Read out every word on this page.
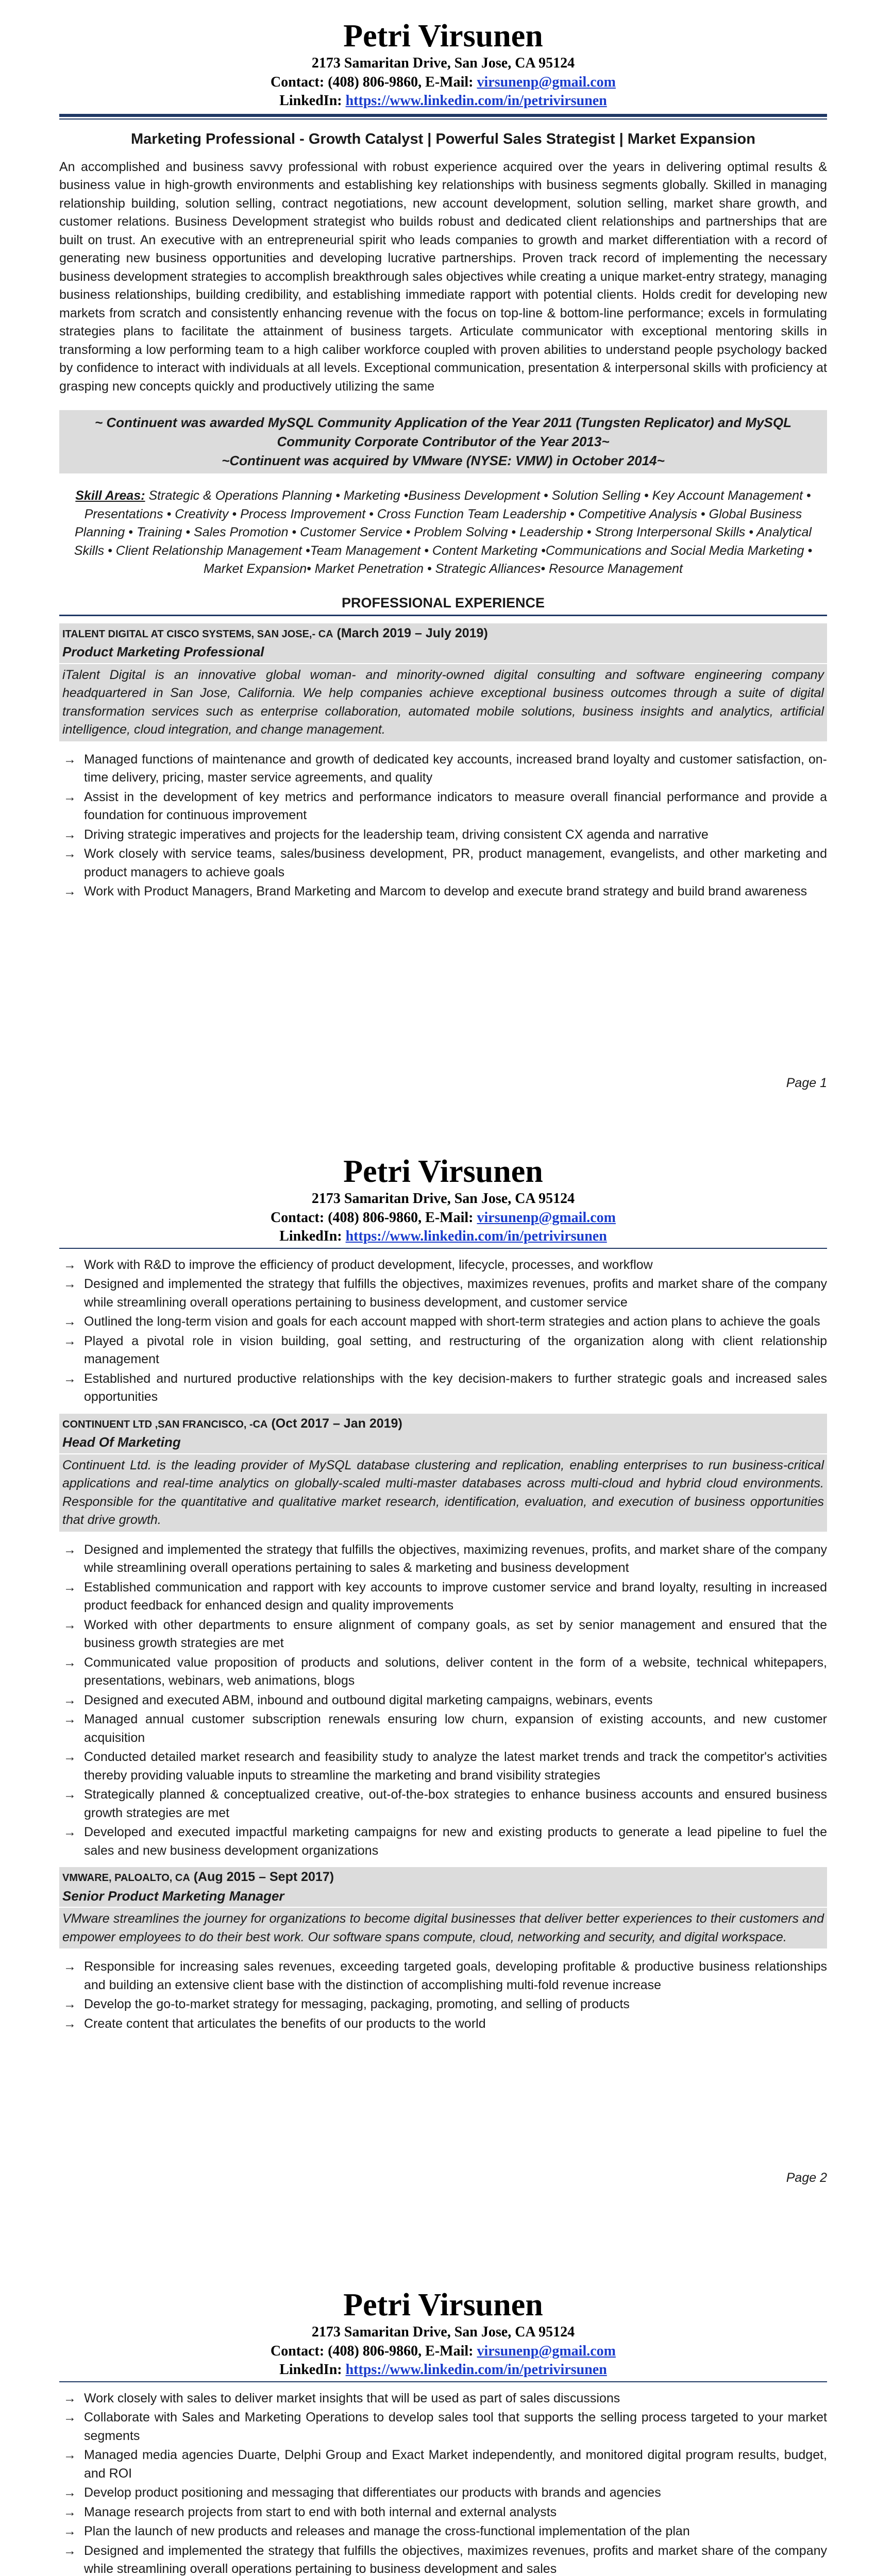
Petri Virsunen
2173 Samaritan Drive, San Jose, CA 95124
Contact: (408) 806-9860, E-Mail: virsunenp@gmail.com
LinkedIn: https://www.linkedin.com/in/petrivirsunen
Marketing Professional - Growth Catalyst | Powerful Sales Strategist | Market Expansion
An accomplished and business savvy professional with robust experience acquired over the years in delivering optimal results & business value in high-growth environments and establishing key relationships with business segments globally. Skilled in managing relationship building, solution selling, contract negotiations, new account development, solution selling, market share growth, and customer relations. Business Development strategist who builds robust and dedicated client relationships and partnerships that are built on trust. An executive with an entrepreneurial spirit who leads companies to growth and market differentiation with a record of generating new business opportunities and developing lucrative partnerships. Proven track record of implementing the necessary business development strategies to accomplish breakthrough sales objectives while creating a unique market-entry strategy, managing business relationships, building credibility, and establishing immediate rapport with potential clients. Holds credit for developing new markets from scratch and consistently enhancing revenue with the focus on top-line & bottom-line performance; excels in formulating strategies plans to facilitate the attainment of business targets. Articulate communicator with exceptional mentoring skills in transforming a low performing team to a high caliber workforce coupled with proven abilities to understand people psychology backed by confidence to interact with individuals at all levels. Exceptional communication, presentation & interpersonal skills with proficiency at grasping new concepts quickly and productively utilizing the same
~ Continuent was awarded MySQL Community Application of the Year 2011 (Tungsten Replicator) and MySQL Community Corporate Contributor of the Year 2013~
~Continuent was acquired by VMware (NYSE: VMW) in October 2014~
Skill Areas: Strategic & Operations Planning • Marketing •Business Development • Solution Selling • Key Account Management • Presentations • Creativity • Process Improvement • Cross Function Team Leadership • Competitive Analysis • Global Business Planning • Training • Sales Promotion • Customer Service • Problem Solving • Leadership • Strong Interpersonal Skills • Analytical Skills • Client Relationship Management •Team Management • Content Marketing •Communications and Social Media Marketing • Market Expansion• Market Penetration • Strategic Alliances• Resource Management
PROFESSIONAL EXPERIENCE
ITALENT DIGITAL AT CISCO SYSTEMS, SAN JOSE,- CA (March 2019 – July 2019)
Product Marketing Professional
iTalent Digital is an innovative global woman- and minority-owned digital consulting and software engineering company headquartered in San Jose, California. We help companies achieve exceptional business outcomes through a suite of digital transformation services such as enterprise collaboration, automated mobile solutions, business insights and analytics, artificial intelligence, cloud integration, and change management.
→ Managed functions of maintenance and growth of dedicated key accounts, increased brand loyalty and customer satisfaction, on-time delivery, pricing, master service agreements, and quality
→ Assist in the development of key metrics and performance indicators to measure overall financial performance and provide a foundation for continuous improvement
→ Driving strategic imperatives and projects for the leadership team, driving consistent CX agenda and narrative
→ Work closely with service teams, sales/business development, PR, product management, evangelists, and other marketing and product managers to achieve goals
→ Work with Product Managers, Brand Marketing and Marcom to develop and execute brand strategy and build brand awareness
Page 1
Petri Virsunen
2173 Samaritan Drive, San Jose, CA 95124
Contact: (408) 806-9860, E-Mail: virsunenp@gmail.com
LinkedIn: https://www.linkedin.com/in/petrivirsunen
→ Work with R&D to improve the efficiency of product development, lifecycle, processes, and workflow
→ Designed and implemented the strategy that fulfills the objectives, maximizes revenues, profits and market share of the company while streamlining overall operations pertaining to business development, and customer service
→ Outlined the long-term vision and goals for each account mapped with short-term strategies and action plans to achieve the goals
→ Played a pivotal role in vision building, goal setting, and restructuring of the organization along with client relationship management
→ Established and nurtured productive relationships with the key decision-makers to further strategic goals and increased sales opportunities
CONTINUENT LTD ,SAN FRANCISCO, -CA (Oct 2017 – Jan 2019)
Head Of Marketing
Continuent Ltd. is the leading provider of MySQL database clustering and replication, enabling enterprises to run business-critical applications and real-time analytics on globally-scaled multi-master databases across multi-cloud and hybrid cloud environments. Responsible for the quantitative and qualitative market research, identification, evaluation, and execution of business opportunities that drive growth.
→ Designed and implemented the strategy that fulfills the objectives, maximizing revenues, profits, and market share of the company while streamlining overall operations pertaining to sales & marketing and business development
→ Established communication and rapport with key accounts to improve customer service and brand loyalty, resulting in increased product feedback for enhanced design and quality improvements
→ Worked with other departments to ensure alignment of company goals, as set by senior management and ensured that the business growth strategies are met
→ Communicated value proposition of products and solutions, deliver content in the form of a website, technical whitepapers, presentations, webinars, web animations, blogs
→ Designed and executed ABM, inbound and outbound digital marketing campaigns, webinars, events
→ Managed annual customer subscription renewals ensuring low churn, expansion of existing accounts, and new customer acquisition
→ Conducted detailed market research and feasibility study to analyze the latest market trends and track the competitor's activities thereby providing valuable inputs to streamline the marketing and brand visibility strategies
→ Strategically planned & conceptualized creative, out-of-the-box strategies to enhance business accounts and ensured business growth strategies are met
→ Developed and executed impactful marketing campaigns for new and existing products to generate a lead pipeline to fuel the sales and new business development organizations
VMWARE, PALOALTO, CA (Aug 2015 – Sept 2017)
Senior Product Marketing Manager
VMware streamlines the journey for organizations to become digital businesses that deliver better experiences to their customers and empower employees to do their best work. Our software spans compute, cloud, networking and security, and digital workspace.
→ Responsible for increasing sales revenues, exceeding targeted goals, developing profitable & productive business relationships and building an extensive client base with the distinction of accomplishing multi-fold revenue increase
→ Develop the go-to-market strategy for messaging, packaging, promoting, and selling of products
→ Create content that articulates the benefits of our products to the world
Page 2
Petri Virsunen
2173 Samaritan Drive, San Jose, CA 95124
Contact: (408) 806-9860, E-Mail: virsunenp@gmail.com
LinkedIn: https://www.linkedin.com/in/petrivirsunen
→ Work closely with sales to deliver market insights that will be used as part of sales discussions
→ Collaborate with Sales and Marketing Operations to develop sales tool that supports the selling process targeted to your market segments
→ Managed media agencies Duarte, Delphi Group and Exact Market independently, and monitored digital program results, budget, and ROI
→ Develop product positioning and messaging that differentiates our products with brands and agencies
→ Manage research projects from start to end with both internal and external analysts
→ Plan the launch of new products and releases and manage the cross-functional implementation of the plan
→ Designed and implemented the strategy that fulfills the objectives, maximizes revenues, profits and market share of the company while streamlining overall operations pertaining to business development and sales
